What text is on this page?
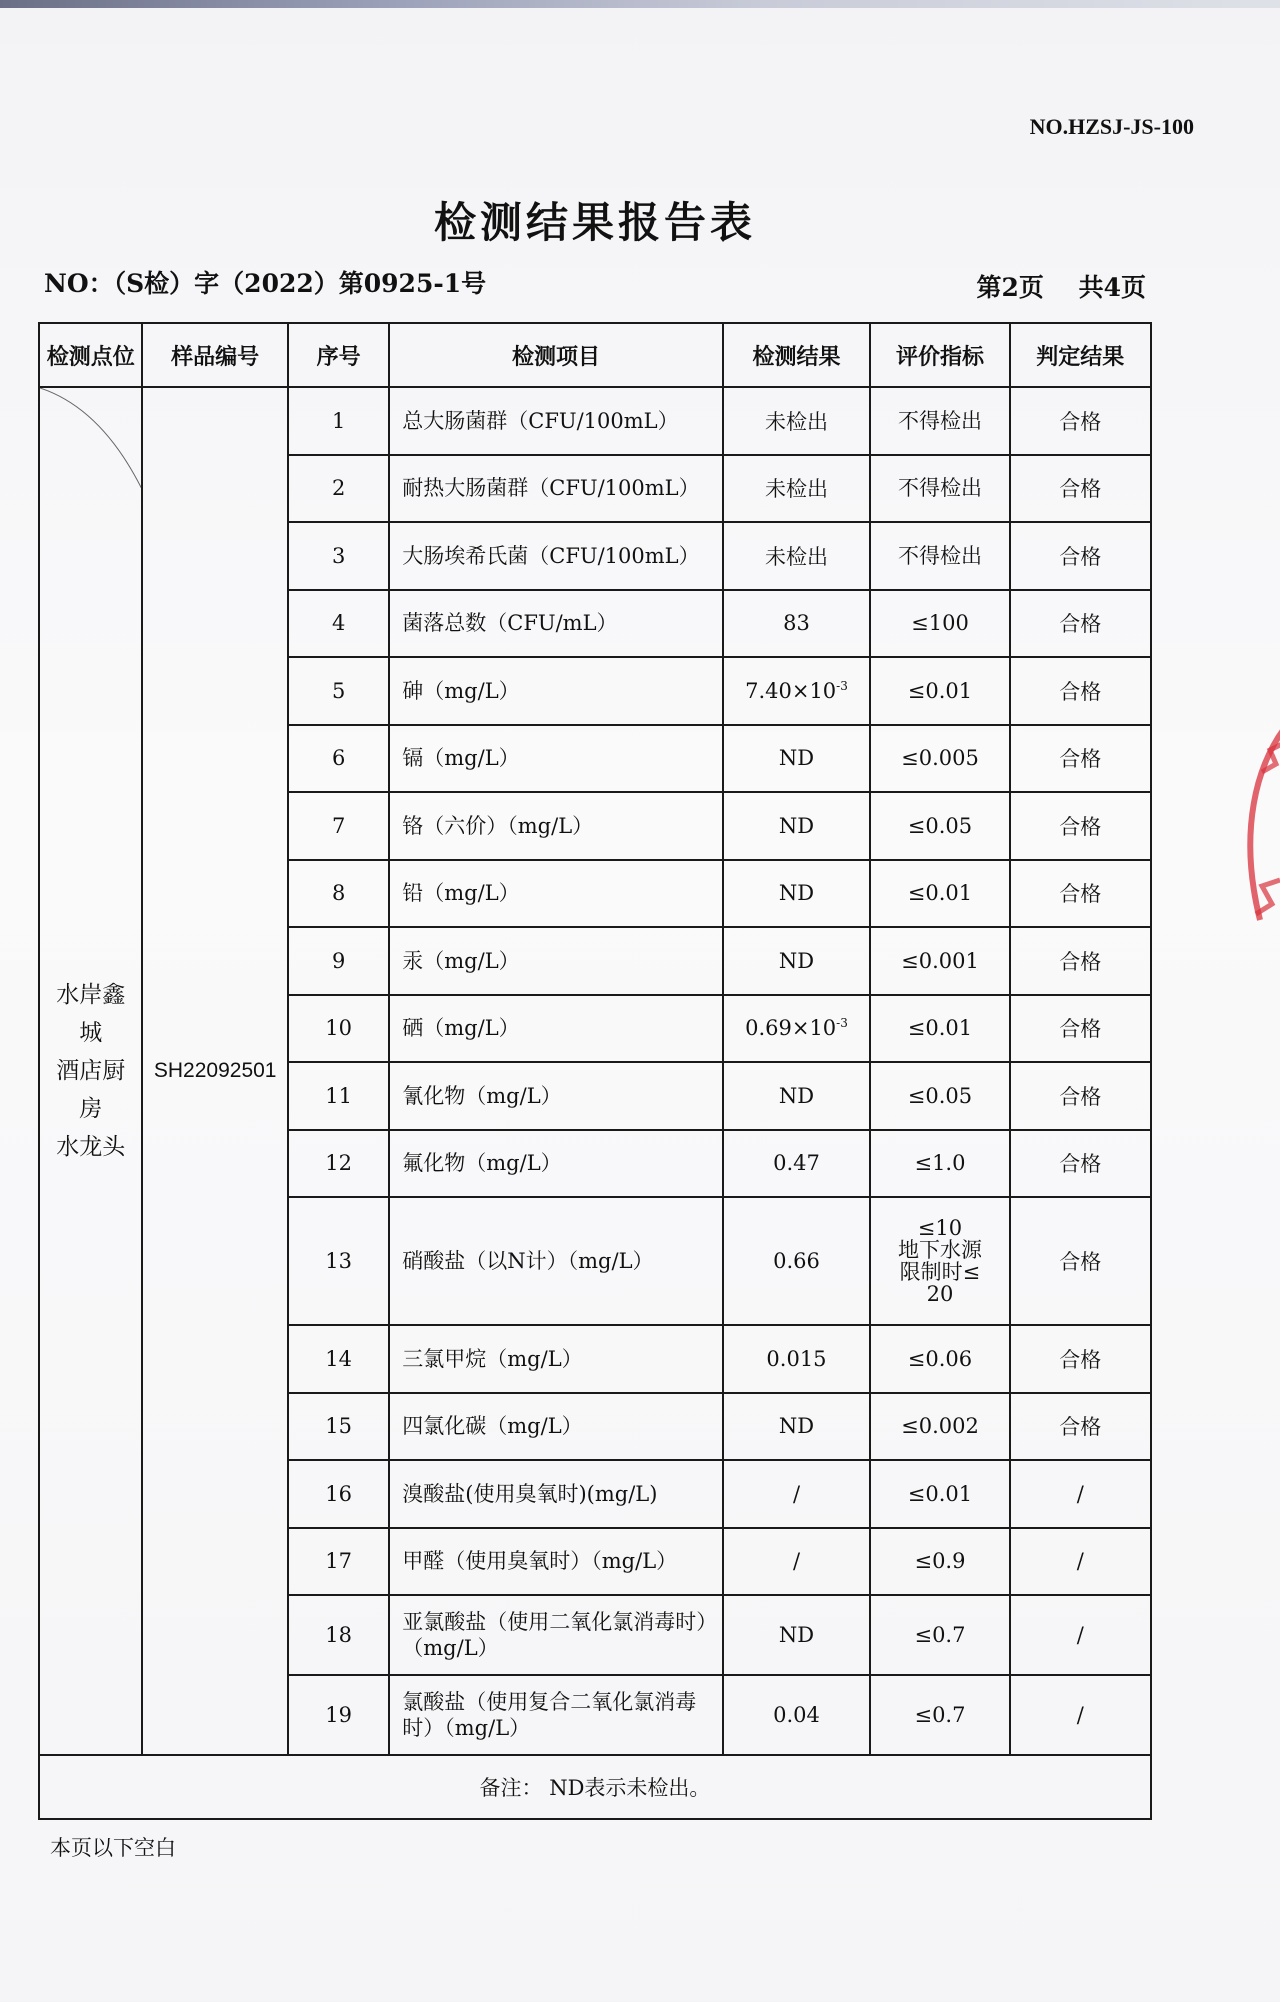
NO.HZSJ-JS-100
检测结果报告表
NO：（S检）字（2022）第0925-1号	第2页 共4页
检测点位	样品编号	序号	检测项目	检测结果	评价指标	判定结果

水岸鑫城
酒店厨房
水龙头	SH22092501	1	总大肠菌群（CFU/100mL）	未检出	不得检出	合格
		2	耐热大肠菌群（CFU/100mL）	未检出	不得检出	合格
		3	大肠埃希氏菌（CFU/100mL）	未检出	不得检出	合格
		4	菌落总数（CFU/mL）	83	≤100	合格
		5	砷（mg/L）	$7.40\times 10^{-3}$	≤0.01	合格
		6	镉（mg/L）	ND	≤0.005	合格
		7	铬（六价）（mg/L）	ND	≤0.05	合格
		8	铅（mg/L）	ND	≤0.01	合格
		9	汞（mg/L）	ND	≤0.001	合格
		10	硒（mg/L）	$0.69\times 10^{-3}$	≤0.01	合格
		11	氰化物（mg/L）	ND	≤0.05	合格
		12	氟化物（mg/L）	0.47	≤1.0	合格
		13	硝酸盐（以N计）（mg/L）	0.66	≤10
地下水源
限制时≤
20	合格
		14	三氯甲烷（mg/L）	0.015	≤0.06	合格
		15	四氯化碳（mg/L）	ND	≤0.002	合格
		16	溴酸盐(使用臭氧时)(mg/L)	/	≤0.01	/
		17	甲醛（使用臭氧时）（mg/L）	/	≤0.9	/
		18	亚氯酸盐（使用二氧化氯消毒时）（mg/L）	ND	≤0.7	/
		19	氯酸盐（使用复合二氧化氯消毒时）（mg/L）	0.04	≤0.7	/
备注： ND表示未检出。						
本页以下空白
